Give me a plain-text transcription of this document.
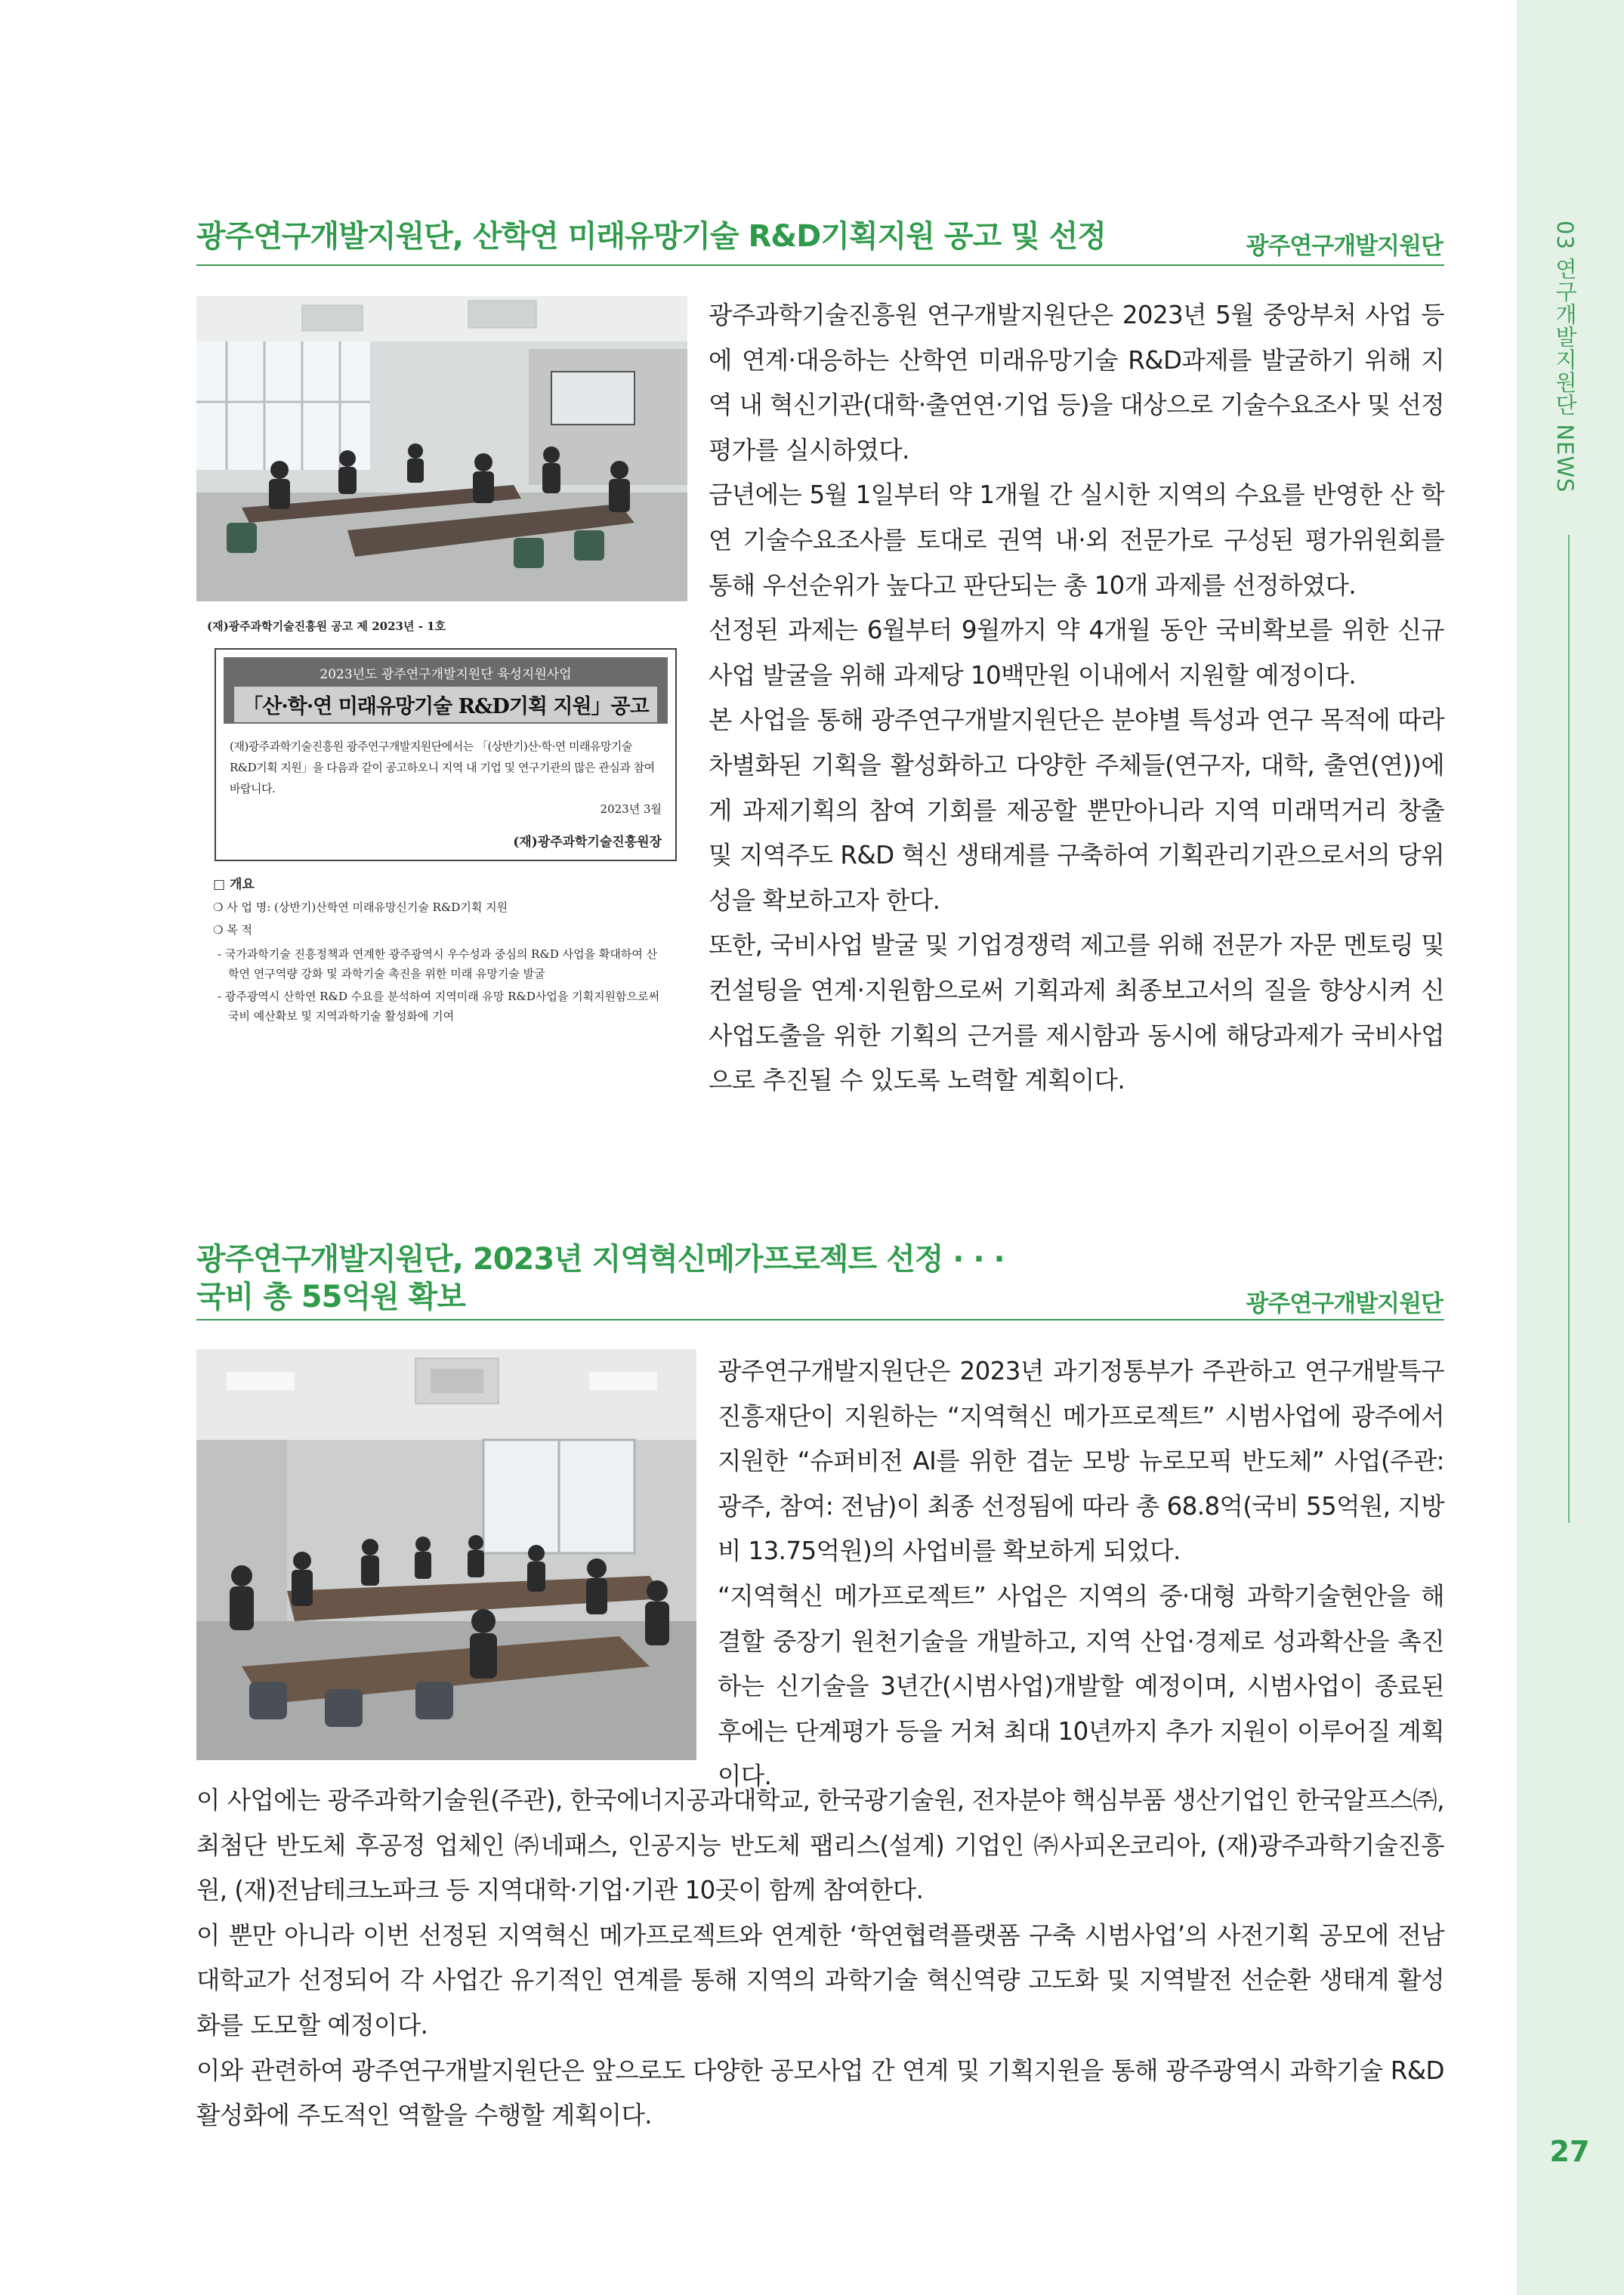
03 연구개발지원단 NEWS
27
광주연구개발지원단, 산학연 미래유망기술 R&D기획지원 공고 및 선정	광주연구개발지원단
(재)광주과학기술진흥원 공고 제 2023년 - 1호
2023년도 광주연구개발지원단 육성지원사업
「산·학·연 미래유망기술 R&D기획 지원」공고
(재)광주과학기술진흥원 광주연구개발지원단에서는 「(상반기)산·학·연 미래유망기술 R&D기획 지원」을 다음과 같이 공고하오니 지역 내 기업 및 연구기관의 많은 관심과 참여 바랍니다.
2023년 3월
(재)광주과학기술진흥원장
□ 개요
❍ 사 업 명: (상반기)산학연 미래유망신기술 R&D기획 지원
❍ 목 적
- 국가과학기술 진흥정책과 연계한 광주광역시 우수성과 중심의 R&D 사업을 확대하여 산학연 연구역량 강화 및 과학기술 촉진을 위한 미래 유망기술 발굴
- 광주광역시 산학연 R&D 수요를 분석하여 지역미래 유망 R&D사업을 기획지원함으로써 국비 예산확보 및 지역과학기술 활성화에 기여

광주과학기술진흥원 연구개발지원단은 2023년 5월 중앙부처 사업 등에 연계·대응하는 산학연 미래유망기술 R&D과제를 발굴하기 위해 지역 내 혁신기관(대학·출연연·기업 등)을 대상으로 기술수요조사 및 선정평가를 실시하였다.

금년에는 5월 1일부터 약 1개월 간 실시한 지역의 수요를 반영한 산 학 연 기술수요조사를 토대로 권역 내·외 전문가로 구성된 평가위원회를 통해 우선순위가 높다고 판단되는 총 10개 과제를 선정하였다.

선정된 과제는 6월부터 9월까지 약 4개월 동안 국비확보를 위한 신규사업 발굴을 위해 과제당 10백만원 이내에서 지원할 예정이다.

본 사업을 통해 광주연구개발지원단은 분야별 특성과 연구 목적에 따라 차별화된 기획을 활성화하고 다양한 주체들(연구자, 대학, 출연(연))에게 과제기획의 참여 기회를 제공할 뿐만아니라 지역 미래먹거리 창출 및 지역주도 R&D 혁신 생태계를 구축하여 기획관리기관으로서의 당위성을 확보하고자 한다.

또한, 국비사업 발굴 및 기업경쟁력 제고를 위해 전문가 자문 멘토링 및 컨설팅을 연계·지원함으로써 기획과제 최종보고서의 질을 향상시켜 신사업도출을 위한 기획의 근거를 제시함과 동시에 해당과제가 국비사업으로 추진될 수 있도록 노력할 계획이다.

광주연구개발지원단, 2023년 지역혁신메가프로젝트 선정 · · ·
국비 총 55억원 확보	광주연구개발지원단

광주연구개발지원단은 2023년 과기정통부가 주관하고 연구개발특구진흥재단이 지원하는 “지역혁신 메가프로젝트” 시범사업에 광주에서 지원한 “슈퍼비전 AI를 위한 겹눈 모방 뉴로모픽 반도체” 사업(주관: 광주, 참여: 전남)이 최종 선정됨에 따라 총 68.8억(국비 55억원, 지방비 13.75억원)의 사업비를 확보하게 되었다.

“지역혁신 메가프로젝트” 사업은 지역의 중·대형 과학기술현안을 해결할 중장기 원천기술을 개발하고, 지역 산업·경제로 성과확산을 촉진하는 신기술을 3년간(시범사업)개발할 예정이며, 시범사업이 종료된 후에는 단계평가 등을 거쳐 최대 10년까지 추가 지원이 이루어질 계획이다.

이 사업에는 광주과학기술원(주관), 한국에너지공과대학교, 한국광기술원, 전자분야 핵심부품 생산기업인 한국알프스㈜, 최첨단 반도체 후공정 업체인 ㈜네패스, 인공지능 반도체 팹리스(설계) 기업인 ㈜사피온코리아, (재)광주과학기술진흥원, (재)전남테크노파크 등 지역대학·기업·기관 10곳이 함께 참여한다.

이 뿐만 아니라 이번 선정된 지역혁신 메가프로젝트와 연계한 ‘학연협력플랫폼 구축 시범사업’의 사전기획 공모에 전남대학교가 선정되어 각 사업간 유기적인 연계를 통해 지역의 과학기술 혁신역량 고도화 및 지역발전 선순환 생태계 활성화를 도모할 예정이다.

이와 관련하여 광주연구개발지원단은 앞으로도 다양한 공모사업 간 연계 및 기획지원을 통해 광주광역시 과학기술 R&D 활성화에 주도적인 역할을 수행할 계획이다.
